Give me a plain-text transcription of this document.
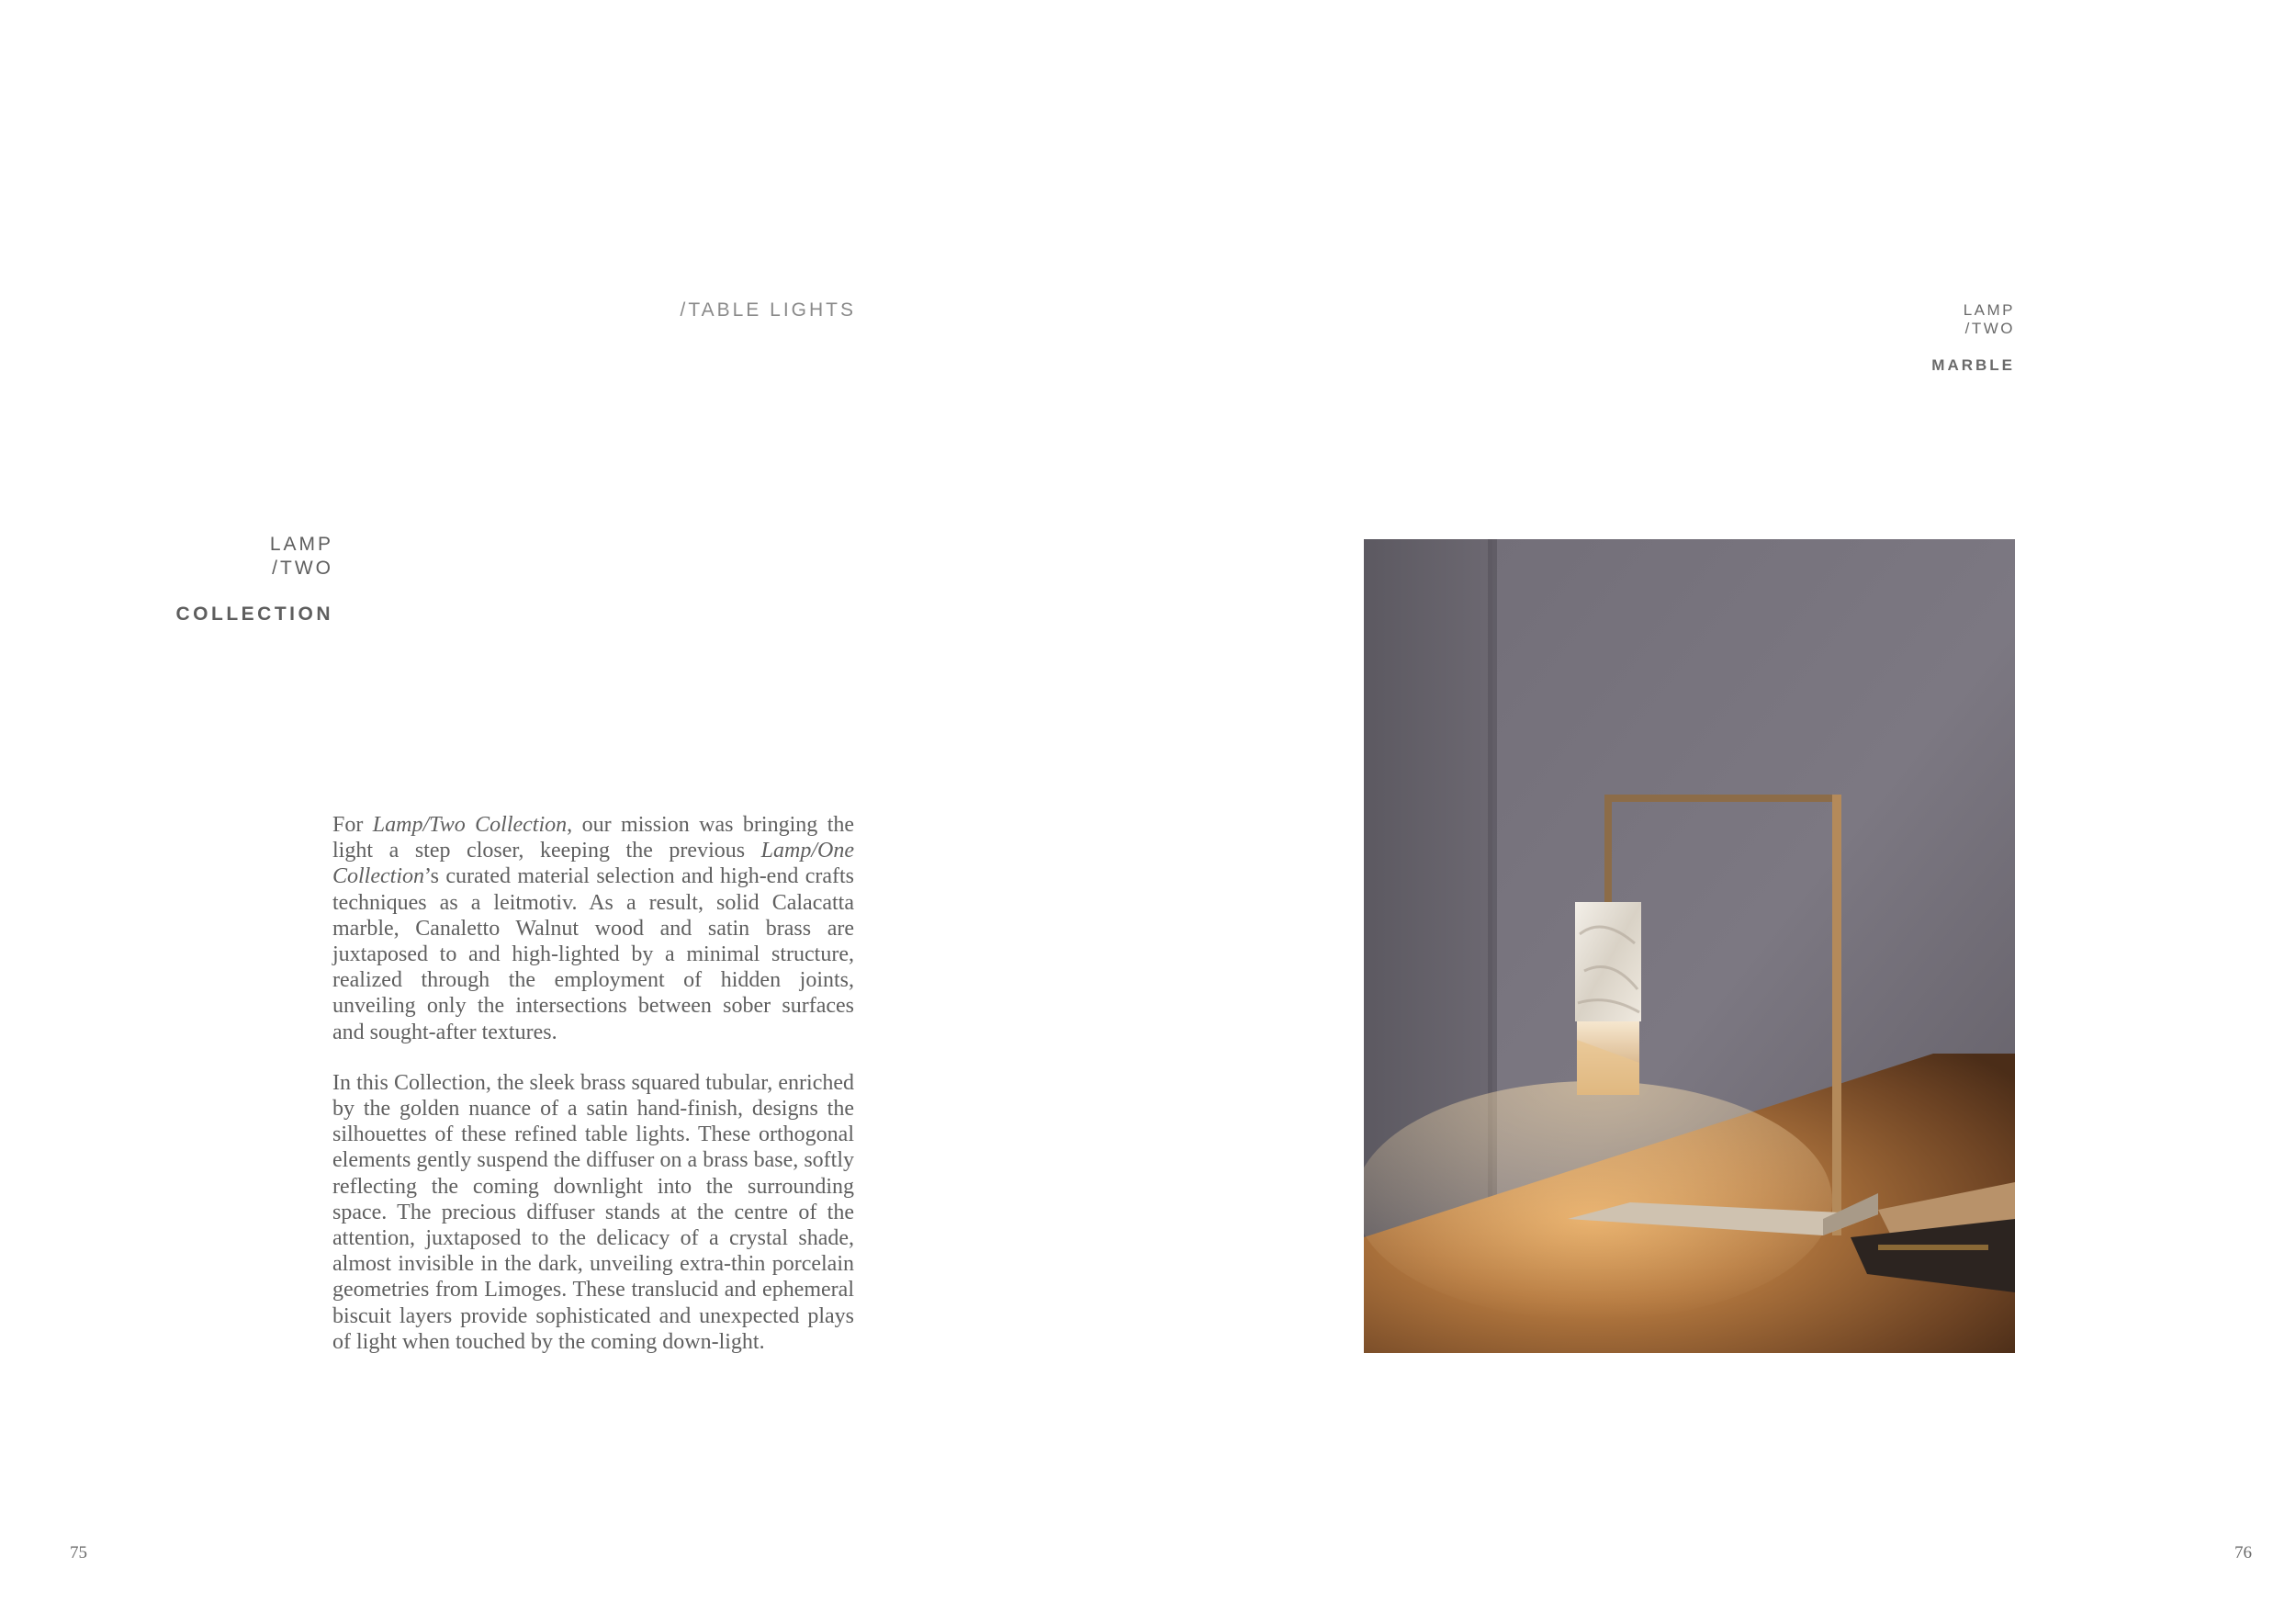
/TABLE LIGHTS	LAMP
/TWO
MARBLE
LAMP
/TWO
COLLECTION

For Lamp/Two Collection, our mission was bringing the light a step closer, keeping the previous Lamp/One Collection’s curated material selection and high-end crafts techniques as a leitmotiv. As a result, solid Calacatta marble, Canaletto Walnut wood and satin brass are juxtaposed to and high-lighted by a minimal structure, realized through the employment of hidden joints, unveiling only the intersections between sober surfaces and sought-after textures.

In this Collection, the sleek brass squared tubular, enriched by the golden nuance of a satin hand-finish, designs the silhouettes of these refined table lights. These orthogonal elements gently suspend the diffuser on a brass base, softly reflecting the coming downlight into the surrounding space. The precious diffuser stands at the centre of the attention, juxtaposed to the delicacy of a crystal shade, almost invisible in the dark, unveiling extra-thin porcelain geometries from Limoges. These translucid and ephemeral biscuit layers provide sophisticated and unexpected plays of light when touched by the coming down-light.

75	76
